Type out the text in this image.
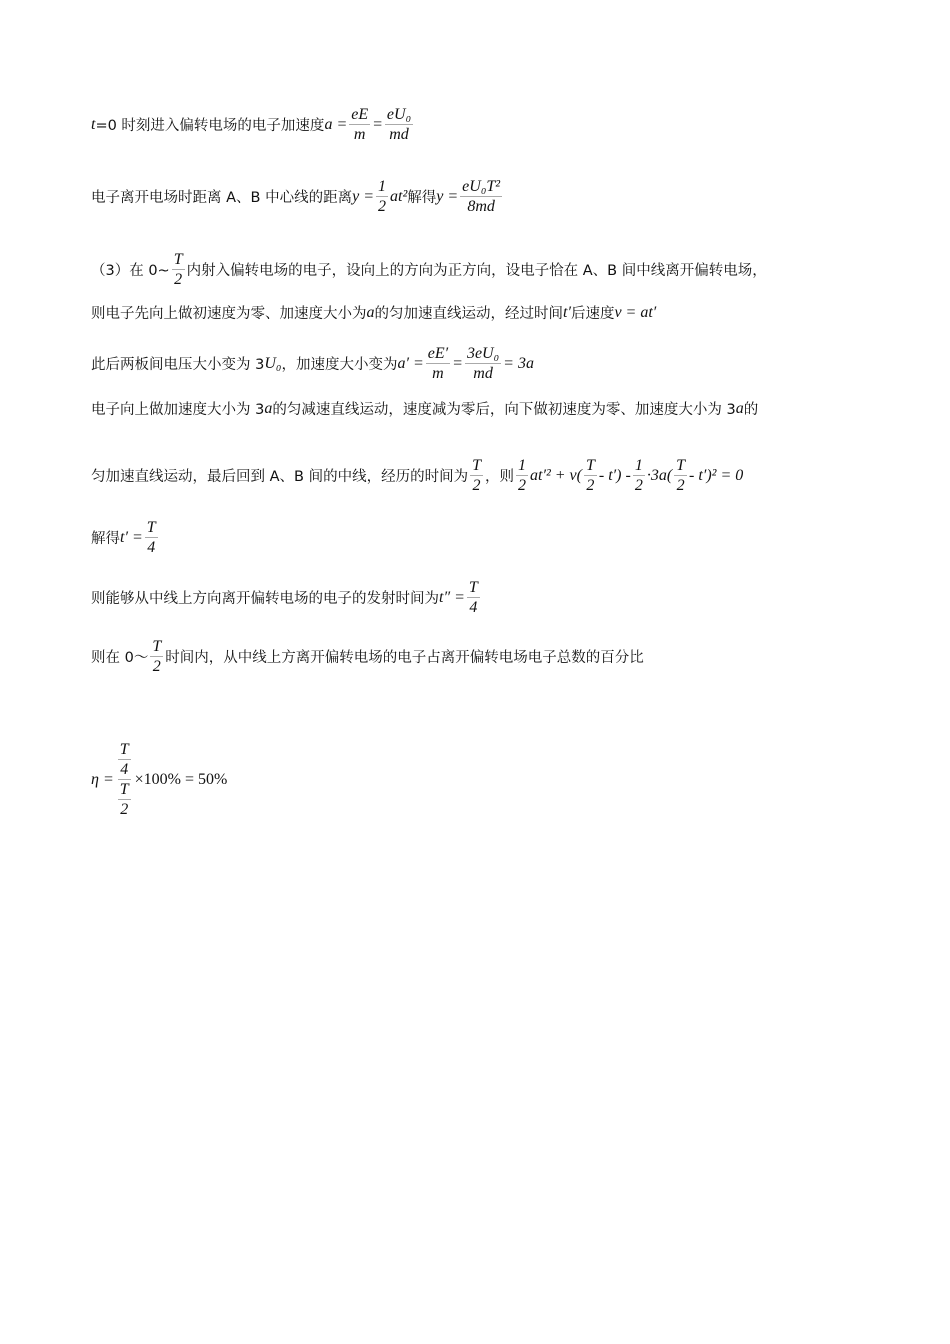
t =0 时刻进入偏转电场的电子加速度 $a = \frac{eE}{m} = \frac{\text{eU₀}}{md}$
电子离开电场时距离 A、B 中心线的距离 $y = \frac{1}{2} at^2$ 解得 $y = \frac{\text{eU₀T²}}{8md}$
（3）在 0~ $\frac{T}{2}$ 内射入偏转电场的电子，设向上的方向为正方向，设电子恰在 A、B 间中线离开偏转电场，
则电子先向上做初速度为零、加速度大小为 a 的匀加速直线运动，经过时间 t′ 后速度 v = at′
此后两板间电压大小变为 3 U₀ ，加速度大小变为 $a' = \frac{eE'}{m} = \frac{\text{3eU₀}}{md} = 3a$
电子向上做加速度大小为 3 a 的匀减速直线运动，速度减为零后，向下做初速度为零、加速度大小为 3 a 的
匀加速直线运动，最后回到 A、B 间的中线，经历的时间为 $\frac{T}{2}$ ，则 $\frac{1}{2} at'^2 + v( \frac{T}{2} - t') - \frac{1}{2} \cdot 3a( \frac{T}{2} - t')^2 = 0$
解得 $t' = \frac{T}{4}$
则能够从中线上方向离开偏转电场的电子的发射时间为 $t'' = \frac{T}{4}$
则在 0～ $\frac{T}{2}$ 时间内，从中线上方离开偏转电场的电子占离开偏转电场电子总数的百分比
$\eta = \frac{\frac{T}{4}}{\frac{T}{2}} \times 100\% = 50\%$
